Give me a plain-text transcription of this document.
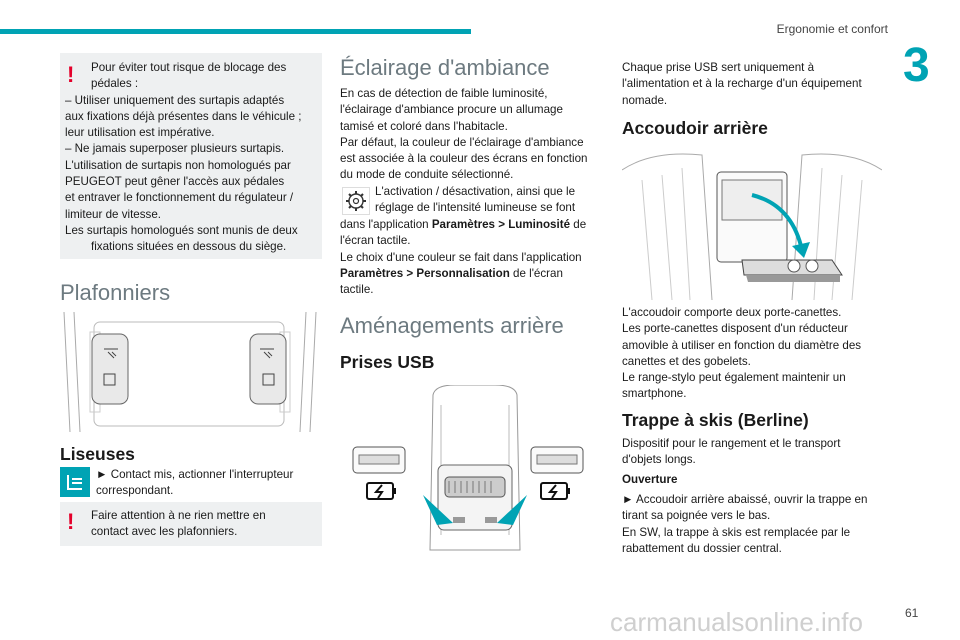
Ergonomie et confort
3
!	Pour éviter tout risque de blocage des

pédales :

– Utiliser uniquement des surtapis adaptés

aux fixations déjà présentes dans le véhicule ;

leur utilisation est impérative.

– Ne jamais superposer plusieurs surtapis.

L'utilisation de surtapis non homologués par

PEUGEOT peut gêner l'accès aux pédales

et entraver le fonctionnement du régulateur /

limiteur de vitesse.

Les surtapis homologués sont munis de deux

fixations situées en dessous du siège.

Plafonniers
Liseuses

► Contact mis, actionner l'interrupteur

correspondant.

! Faire attention à ne rien mettre en

contact avec les plafonniers.

Éclairage d'ambiance

En cas de détection de faible luminosité,

l'éclairage d'ambiance procure un allumage

tamisé et coloré dans l'habitacle.

Par défaut, la couleur de l'éclairage d'ambiance

est associée à la couleur des écrans en fonction

du mode de conduite sélectionné.

L'activation / désactivation, ainsi que le

réglage de l'intensité lumineuse se font

dans l'application Paramètres > Luminosité de

l'écran tactile.

Le choix d'une couleur se fait dans l'application

Paramètres > Personnalisation de l'écran

tactile.

Aménagements arrière
Prises USB

Chaque prise USB sert uniquement à

l'alimentation et à la recharge d'un équipement

nomade.

Accoudoir arrière

L'accoudoir comporte deux porte-canettes.

Les porte-canettes disposent d'un réducteur

amovible à utiliser en fonction du diamètre des

canettes et des gobelets.

Le range-stylo peut également maintenir un

smartphone.

Trappe à skis (Berline)

Dispositif pour le rangement et le transport

d'objets longs.

Ouverture

► Accoudoir arrière abaissé, ouvrir la trappe en

tirant sa poignée vers le bas.

En SW, la trappe à skis est remplacée par le

rabattement du dossier central.

carmanualsonline.info	61
